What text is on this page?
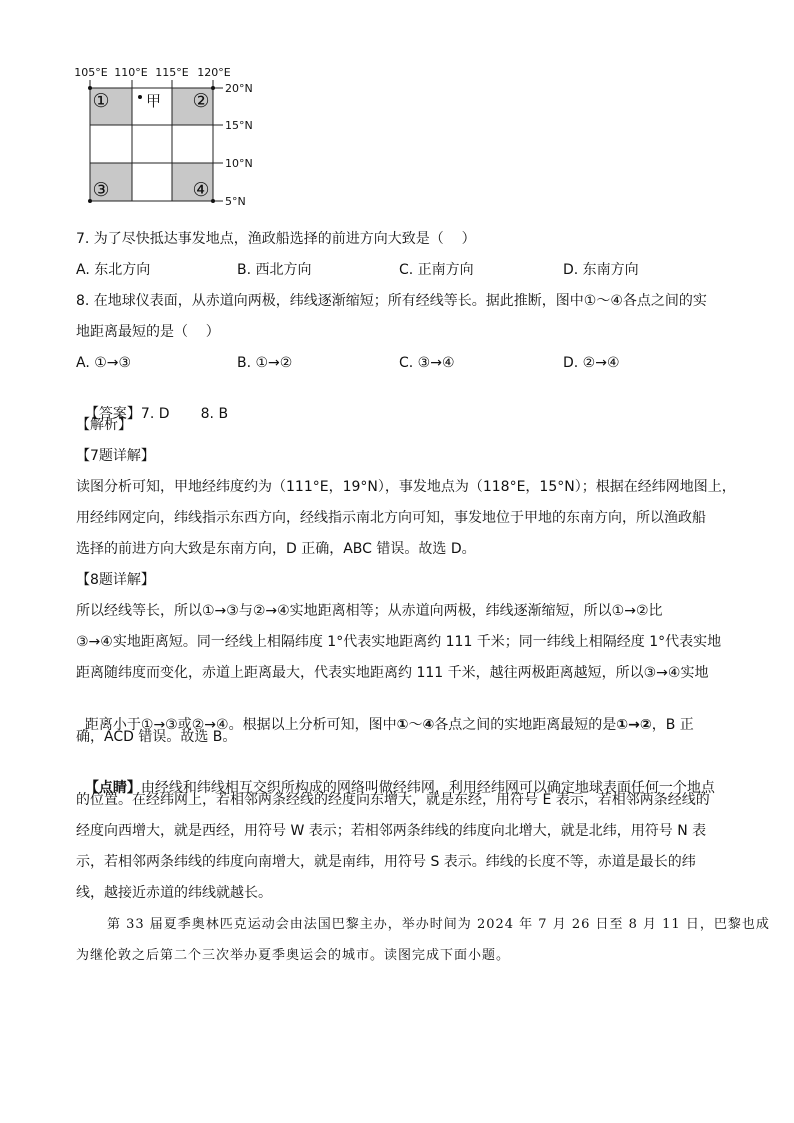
105°E 110°E 115°E 120°E
20°N
15°N
10°N
5°N
①	②
③	④
甲
7. 为了尽快抵达事发地点，渔政船选择的前进方向大致是（    ）
A. 东北方向	B. 西北方向	C. 正南方向	D. 东南方向
8. 在地球仪表面，从赤道向两极，纬线逐渐缩短；所有经线等长。据此推断，图中①～④各点之间的实
地距离最短的是（    ）
A. ①→③	B. ①→②	C. ③→④	D. ②→④

【答案】7. D       8. B

【解析】
【7题详解】
读图分析可知，甲地经纬度约为（111°E，19°N），事发地点为（118°E，15°N）；根据在经纬网地图上，
用经纬网定向，纬线指示东西方向，经线指示南北方向可知，事发地位于甲地的东南方向，所以渔政船
选择的前进方向大致是东南方向，D 正确，ABC 错误。故选 D。
【8题详解】
所以经线等长，所以①→③与②→④实地距离相等；从赤道向两极，纬线逐渐缩短，所以①→②比
③→④实地距离短。同一经线上相隔纬度 1°代表实地距离约 111 千米；同一纬线上相隔经度 1°代表实地
距离随纬度而变化，赤道上距离最大，代表实地距离约 111 千米，越往两极距离越短，所以③→④实地

距离小于①→③或②→④。根据以上分析可知，图中①～④各点之间的实地距离最短的是①→②，B 正

确，ACD 错误。故选 B。

【点睛】由经线和纬线相互交织所构成的网络叫做经纬网，利用经纬网可以确定地球表面任何一个地点

的位置。在经纬网上，若相邻两条经线的经度向东增大，就是东经，用符号 E 表示，若相邻两条经线的
经度向西增大，就是西经，用符号 W 表示；若相邻两条纬线的纬度向北增大，就是北纬，用符号 N 表
示，若相邻两条纬线的纬度向南增大，就是南纬，用符号 S 表示。纬线的长度不等，赤道是最长的纬
线，越接近赤道的纬线就越长。
第 33 届夏季奥林匹克运动会由法国巴黎主办，举办时间为 2024 年 7 月 26 日至 8 月 11 日，巴黎也成
为继伦敦之后第二个三次举办夏季奥运会的城市。读图完成下面小题。
